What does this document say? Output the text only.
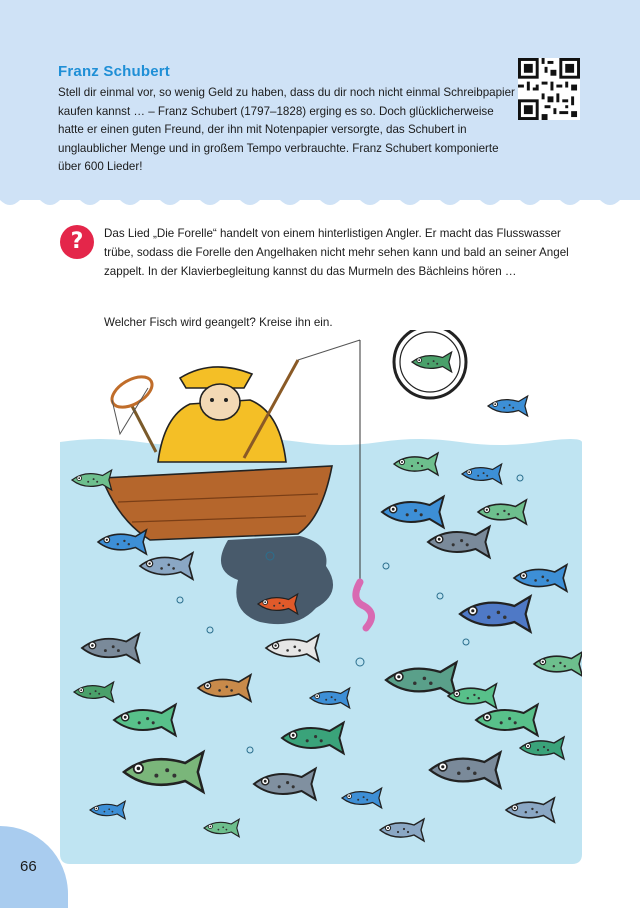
Franz Schubert
Stell dir einmal vor, so wenig Geld zu haben, dass du dir noch nicht einmal Schreibpapier kaufen kannst … – Franz Schubert (1797–1828) erging es so. Doch glücklicherweise hatte er einen guten Freund, der ihn mit Notenpapier versorgte, das Schubert in unglaublicher Menge und in großem Tempo verbrauchte. Franz Schubert komponierte über 600 Lieder!
?	Das Lied „Die Forelle“ handelt von einem hinterlistigen Angler. Er macht das Flusswasser trübe, sodass die Forelle den Angelhaken nicht mehr sehen kann und bald an seiner Angel zappelt. In der Klavierbegleitung kannst du das Murmeln des Bächleins hören …
Welcher Fisch wird geangelt? Kreise ihn ein.
66
